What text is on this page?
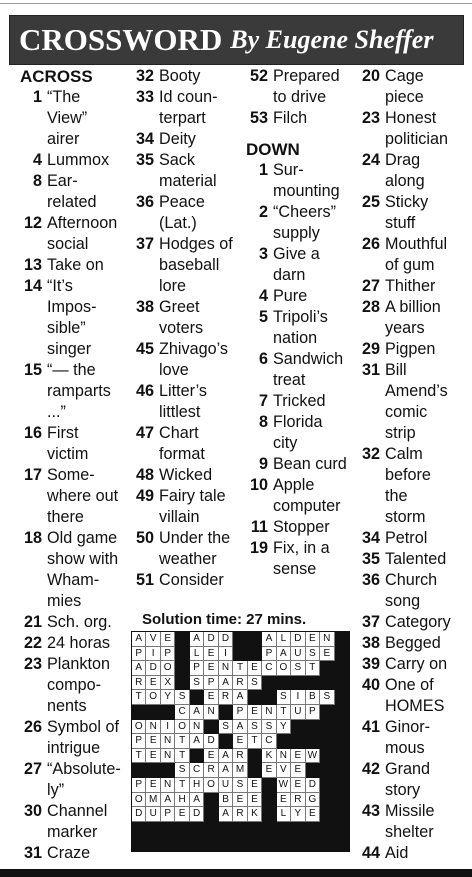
CROSSWORD By Eugene Sheffer
ACROSS
1 “The
View”
airer
4 Lummox
8 Ear-
related
12 Afternoon
social
13 Take on
14 “It’s
Impos-
sible”
singer
15 “— the
ramparts
...”
16 First
victim
17 Some-
where out
there
18 Old game
show with
Wham-
mies
21 Sch. org.
22 24 horas
23 Plankton
compo-
nents
26 Symbol of
intrigue
27 “Absolute-
ly”
30 Channel
marker
31 Craze
32 Booty
33 Id coun-
terpart
34 Deity
35 Sack
material
36 Peace
(Lat.)
37 Hodges of
baseball
lore
38 Greet
voters
45 Zhivago’s
love
46 Litter’s
littlest
47 Chart
format
48 Wicked
49 Fairy tale
villain
50 Under the
weather
51 Consider
52 Prepared
to drive
53 Filch
DOWN
1 Sur-
mounting
2 “Cheers”
supply
3 Give a
darn
4 Pure
5 Tripoli’s
nation
6 Sandwich
treat
7 Tricked
8 Florida
city
9 Bean curd
10 Apple
computer
11 Stopper
19 Fix, in a
sense
20 Cage
piece
23 Honest
politician
24 Drag
along
25 Sticky
stuff
26 Mouthful
of gum
27 Thither
28 A billion
years
29 Pigpen
31 Bill
Amend’s
comic
strip
32 Calm
before
the
storm
34 Petrol
35 Talented
36 Church
song
37 Category
38 Begged
39 Carry on
40 One of
HOMES
41 Ginor-
mous
42 Grand
story
43 Missile
shelter
44 Aid
Solution time: 27 mins.
A V E	A D D	A L D E N
P I P	L E I	P A U S E
A D O	P E N T E C O S T
R E X	S P A R S
T O Y S	E R A	S I B S
C A N	P E N T U P
O N I O N	S A S S Y
P E N T A D	E T C
T E N T	E A R	K N E W
S C R A M	E V E
P E N T H O U S E	W E D
O M A H A	B E E	E R G
D U P E D	A R K	L Y E
